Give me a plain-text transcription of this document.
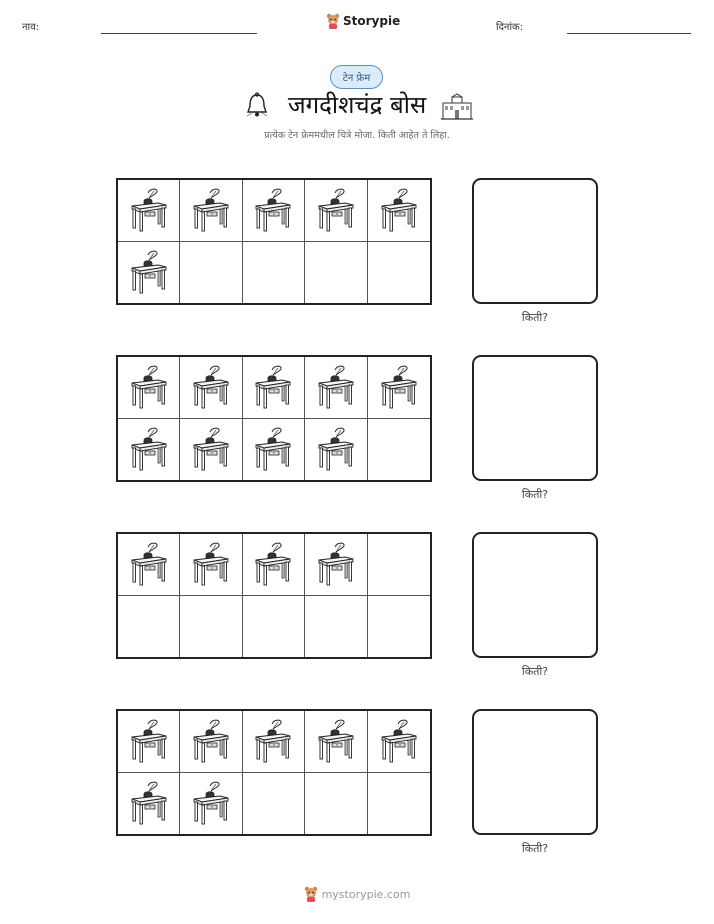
नाव:	Storypie	दिनांक:
टेन फ्रेम
जगदीशचंद्र बोस
प्रत्येक टेन फ्रेममधील चित्रे मोजा. किती आहेत ते लिहा.
किती?
किती?
किती?
किती?
mystorypie.com
